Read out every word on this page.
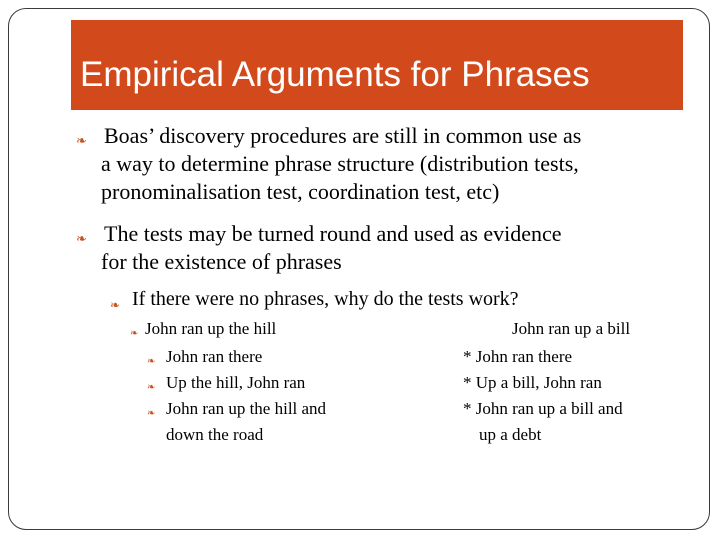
Empirical Arguments for Phrases
❧ Boas’ discovery procedures are still in common use as
a way to determine phrase structure (distribution tests,
pronominalisation test, coordination test, etc)
❧ The tests may be turned round and used as evidence
for the existence of phrases
❧ If there were no phrases, why do the tests work?
❧ John ran up the hill
❧ John ran there
❧ Up the hill, John ran
❧ John ran up the hill and
down the road
John ran up a bill
* John ran there
* Up a bill, John ran
* John ran up a bill and
up a debt
